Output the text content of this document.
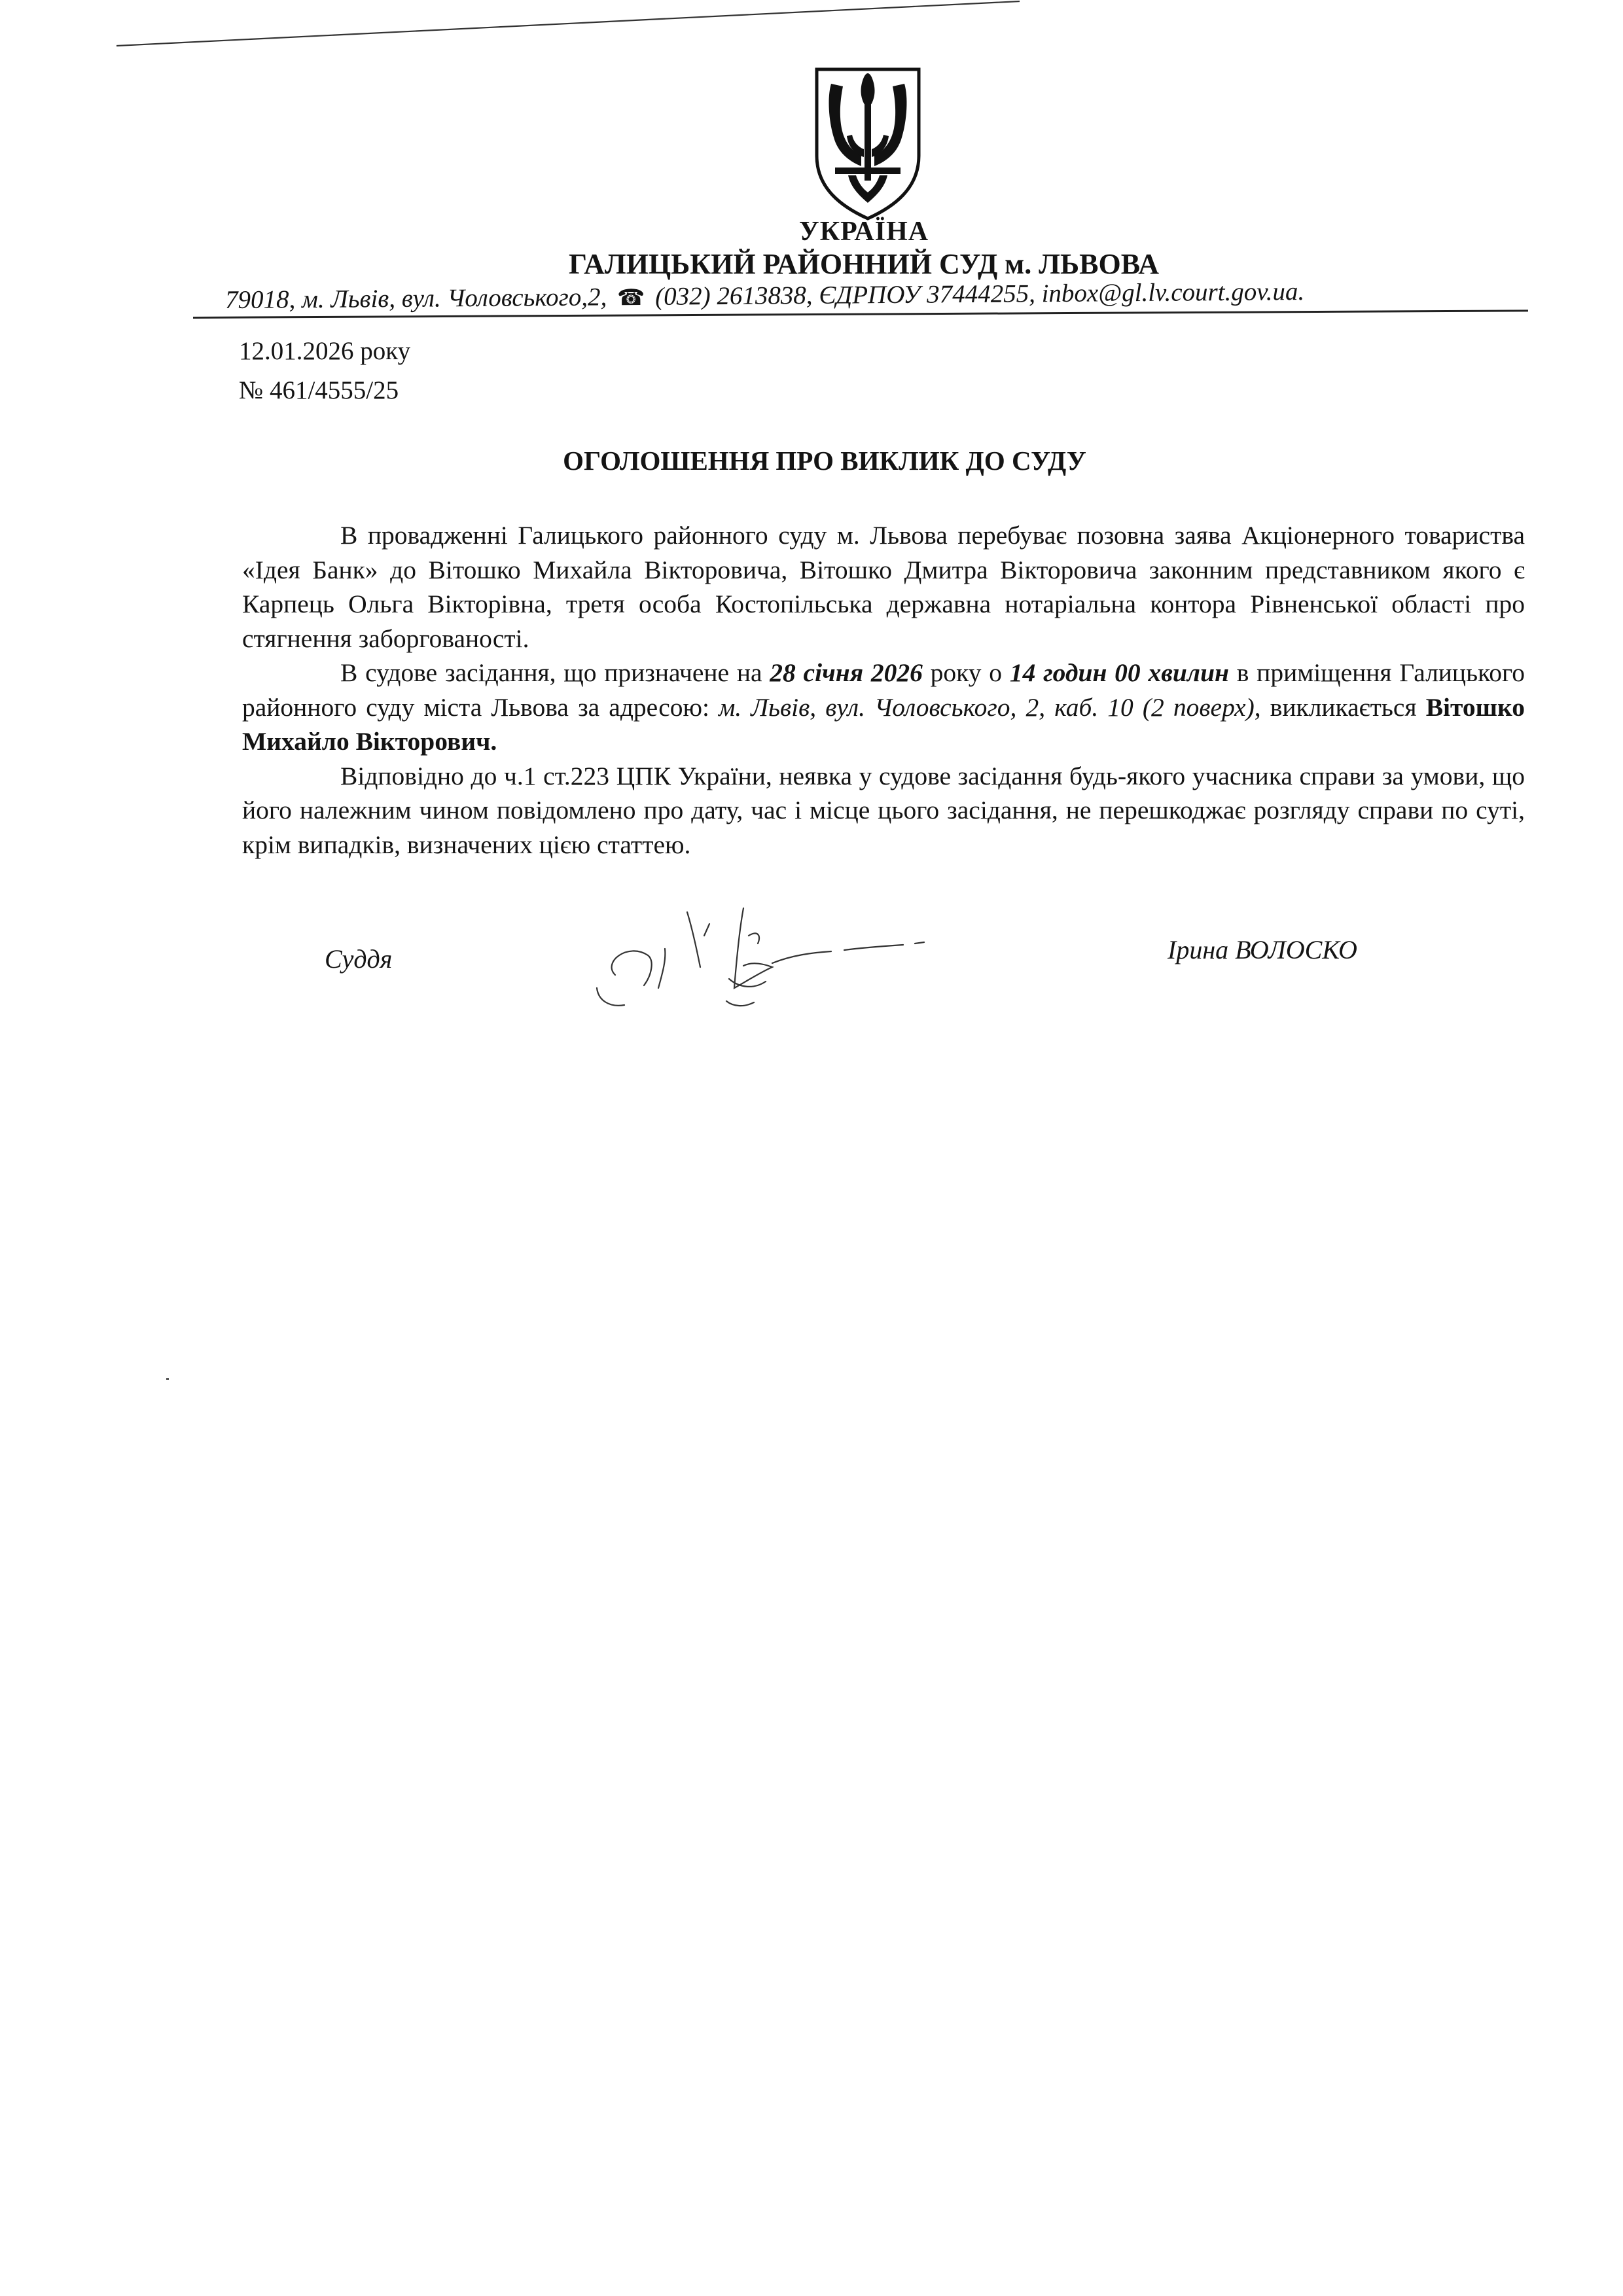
УКРАЇНА
ГАЛИЦЬКИЙ РАЙОННИЙ СУД м. ЛЬВОВА
79018, м. Львів, вул. Чоловського,2, ☎ (032) 2613838, ЄДРПОУ 37444255, inbox@gl.lv.court.gov.ua.
12.01.2026 року
№ 461/4555/25
ОГОЛОШЕННЯ ПРО ВИКЛИК ДО СУДУ

В провадженні Галицького районного суду м. Львова перебуває позовна заява Акціонерного товариства «Ідея Банк» до Вітошко Михайла Вікторовича, Вітошко Дмитра Вікторовича законним представником якого є Карпець Ольга Вікторівна, третя особа Костопільська державна нотаріальна контора Рівненської області про стягнення заборгованості.

В судове засідання, що призначене на 28 січня 2026 року о 14 годин 00 хвилин в приміщення Галицького районного суду міста Львова за адресою: м. Львів, вул. Чоловського, 2, каб. 10 (2 поверх), викликається Вітошко Михайло Вікторович.

Відповідно до ч.1 ст.223 ЦПК України, неявка у судове засідання будь-якого учасника справи за умови, що його належним чином повідомлено про дату, час і місце цього засідання, не перешкоджає розгляду справи по суті, крім випадків, визначених цією статтею.

Суддя	Ірина ВОЛОСКО
